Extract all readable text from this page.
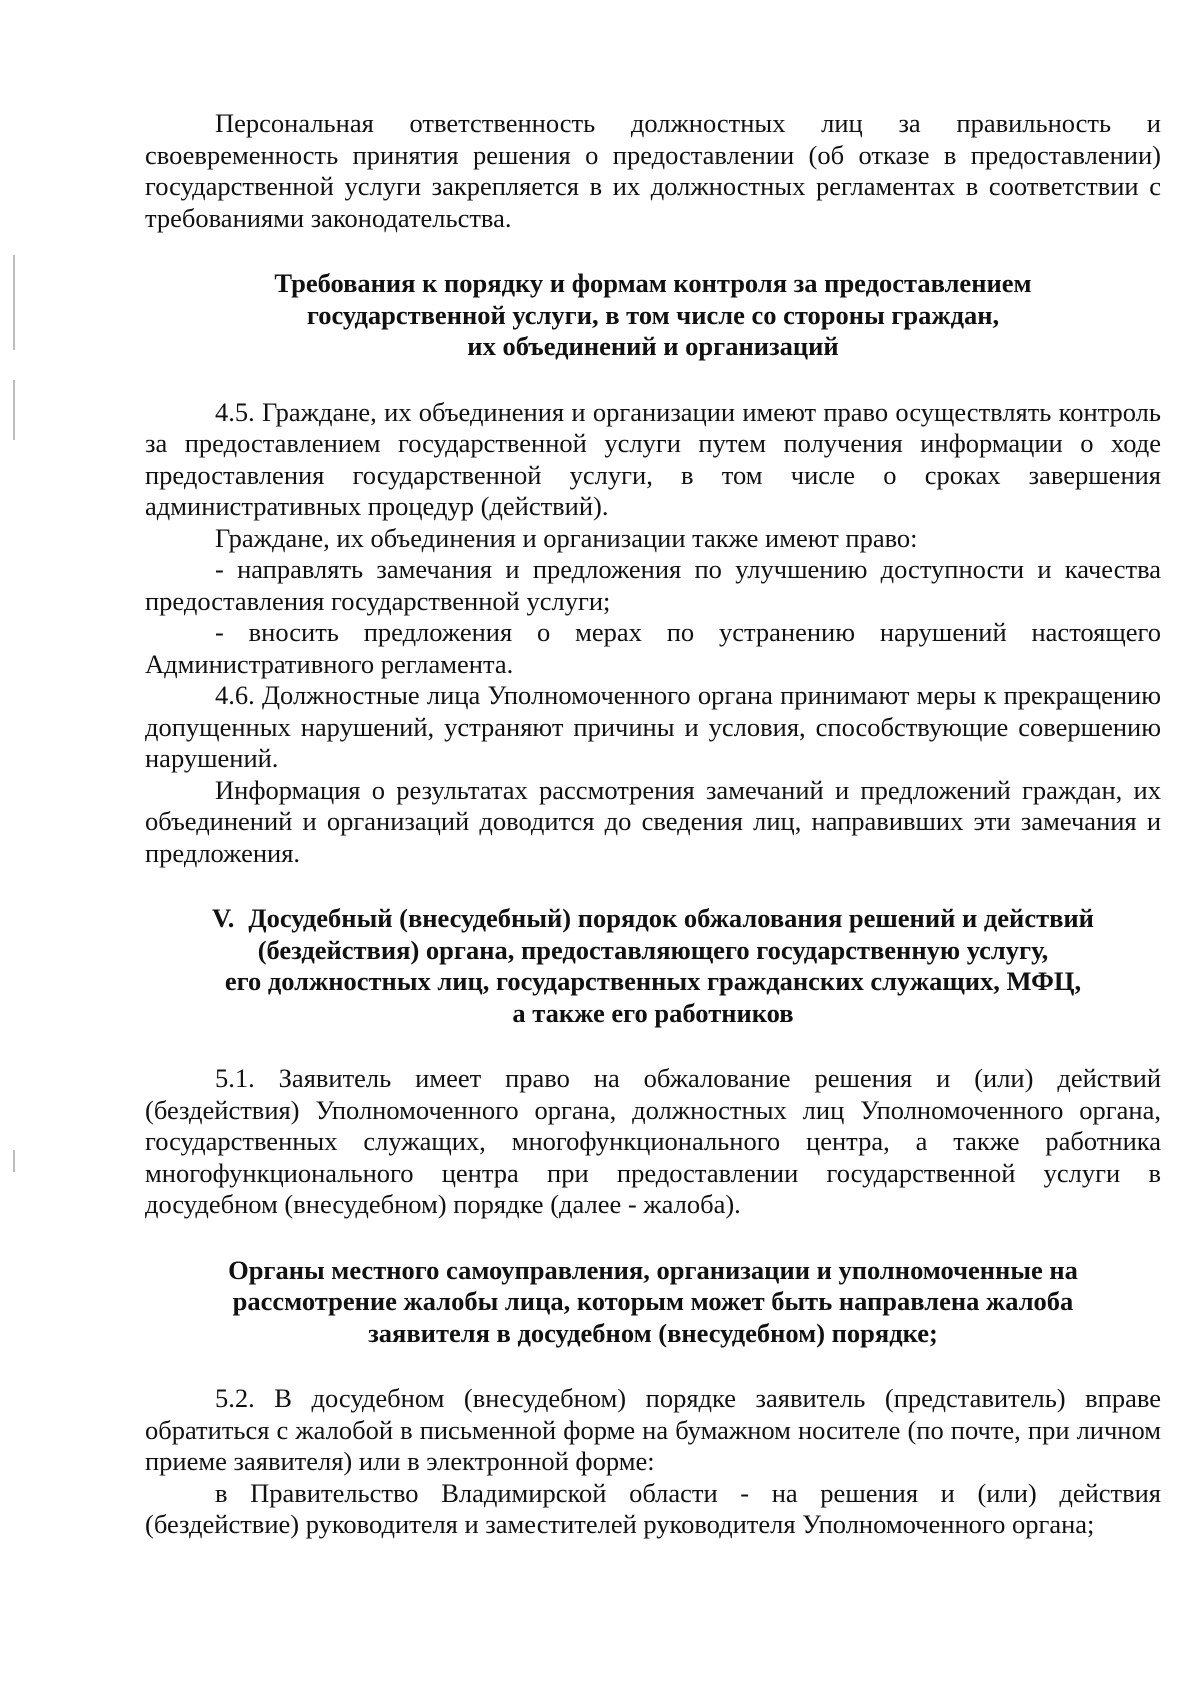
Персональная ответственность должностных лиц за правильность и своевременность принятия решения о предоставлении (об отказе в предоставлении) государственной услуги закрепляется в их должностных регламентах в соответствии с требованиями законодательства.

Требования к порядку и формам контроля за предоставлением
государственной услуги, в том числе со стороны граждан,
их объединений и организаций

4.5. Граждане, их объединения и организации имеют право осуществлять контроль за предоставлением государственной услуги путем получения информации о ходе предоставления государственной услуги, в том числе о сроках завершения административных процедур (действий).

Граждане, их объединения и организации также имеют право:

- направлять замечания и предложения по улучшению доступности и качества предоставления государственной услуги;

- вносить предложения о мерах по устранению нарушений настоящего Административного регламента.

4.6. Должностные лица Уполномоченного органа принимают меры к прекращению допущенных нарушений, устраняют причины и условия, способствующие совершению нарушений.

Информация о результатах рассмотрения замечаний и предложений граждан, их объединений и организаций доводится до сведения лиц, направивших эти замечания и предложения.

V. Досудебный (внесудебный) порядок обжалования решений и действий
(бездействия) органа, предоставляющего государственную услугу,
его должностных лиц, государственных гражданских служащих, МФЦ,
а также его работников

5.1. Заявитель имеет право на обжалование решения и (или) действий (бездействия) Уполномоченного органа, должностных лиц Уполномоченного органа, государственных служащих, многофункционального центра, а также работника многофункционального центра при предоставлении государственной услуги в досудебном (внесудебном) порядке (далее - жалоба).

Органы местного самоуправления, организации и уполномоченные на
рассмотрение жалобы лица, которым может быть направлена жалоба
заявителя в досудебном (внесудебном) порядке;

5.2. В досудебном (внесудебном) порядке заявитель (представитель) вправе обратиться с жалобой в письменной форме на бумажном носителе (по почте, при личном приеме заявителя) или в электронной форме:

в Правительство Владимирской области - на решения и (или) действия (бездействие) руководителя и заместителей руководителя Уполномоченного органа;
